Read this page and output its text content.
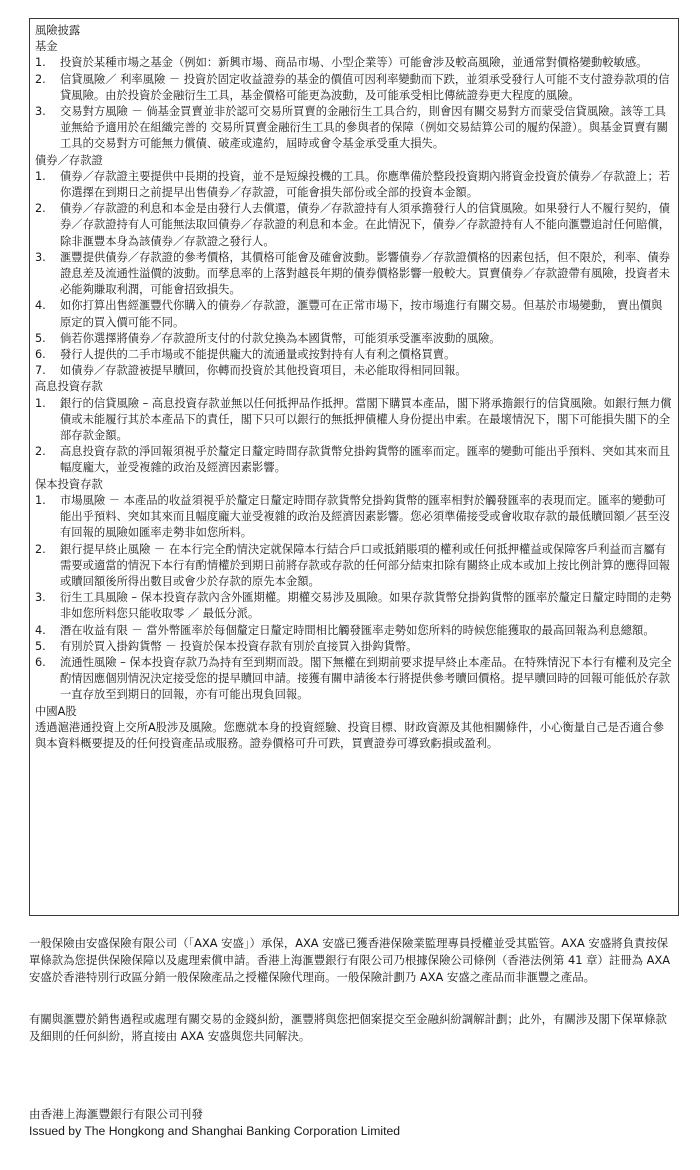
風險披露
基金
1. 投資於某種市場之基金（例如：新興市場、商品市場、小型企業等）可能會涉及較高風險，並通常對價格變動較敏感。
2. 信貸風險／ 利率風險 － 投資於固定收益證券的基金的價值可因利率變動而下跌，並須承受發行人可能不支付證券款項的信貸風險。由於投資於金融衍生工具，基金價格可能更為波動，及可能承受相比傳統證券更大程度的風險。
3. 交易對方風險 － 倘基金買賣並非於認可交易所買賣的金融衍生工具合約，則會因有關交易對方而蒙受信貸風險。該等工具並無給予適用於在組織完善的 交易所買賣金融衍生工具的參與者的保障（例如交易結算公司的履約保證）。與基金買賣有關工具的交易對方可能無力償債、破產或違約，屆時或會令基金承受重大損失。
債券／存款證
1. 債券／存款證主要提供中長期的投資，並不是短線投機的工具。你應準備於整段投資期內將資金投資於債券／存款證上；若你選擇在到期日之前提早出售債券／存款證，可能會損失部份或全部的投資本金額。
2. 債券／存款證的利息和本金是由發行人去償還，債券／存款證持有人須承擔發行人的信貸風險。如果發行人不履行契約，債券／存款證持有人可能無法取回債券／存款證的利息和本金。在此情況下，債券／存款證持有人不能向滙豐追討任何賠償，除非滙豐本身為該債券／存款證之發行人。
3. 滙豐提供債券／存款證的參考價格，其價格可能會及確會波動。影響債券／存款證價格的因素包括，但不限於，利率、債券證息差及流通性溢價的波動。而孳息率的上落對越長年期的債券價格影響一般較大。買賣債券／存款證帶有風險，投資者未必能夠賺取利潤，可能會招致損失。
4. 如你打算出售經滙豐代你購入的債券／存款證，滙豐可在正常市場下，按市場進行有關交易。但基於市場變動， 賣出價與原定的買入價可能不同。
5. 倘若你選擇將債券／存款證所支付的付款兌換為本國貨幣，可能須承受滙率波動的風險。
6. 發行人提供的二手市場或不能提供龐大的流通量或按對持有人有利之價格買賣。
7. 如債券／存款證被提早贖回，你轉而投資於其他投資項目，未必能取得相同回報。
高息投資存款
1. 銀行的信貸風險 – 高息投資存款並無以任何抵押品作抵押。當閣下購買本產品，閣下將承擔銀行的信貸風險。如銀行無力償債或未能履行其於本產品下的責任，閣下只可以銀行的無抵押債權人身份提出申索。在最壞情況下，閣下可能損失閣下的全部存款金額。
2. 高息投資存款的淨回報須視乎於釐定日釐定時間存款貨幣兌掛鈎貨幣的匯率而定。匯率的變動可能出乎預料、突如其來而且幅度龐大，並受複雜的政治及經濟因素影響。
保本投資存款
1. 市場風險 － 本產品的收益須視乎於釐定日釐定時間存款貨幣兌掛鈎貨幣的匯率相對於觸發匯率的表現而定。匯率的變動可能出乎預料、突如其來而且幅度龐大並受複雜的政治及經濟因素影響。您必須準備接受或會收取存款的最低贖回額／甚至沒有回報的風險如匯率走勢非如您所料。
2. 銀行提早終止風險 － 在本行完全酌情決定就保障本行結合戶口或抵銷賬項的權利或任何抵押權益或保障客戶利益而言屬有需要或適當的情況下本行有酌情權於到期日前將存款或存款的任何部分結束扣除有關終止成本或加上按比例計算的應得回報或贖回額後所得出數目或會少於存款的原先本金額。
3. 衍生工具風險 – 保本投資存款內含外匯期權。期權交易涉及風險。如果存款貨幣兌掛鈎貨幣的匯率於釐定日釐定時間的走勢非如您所料您只能收取零 ／ 最低分派。
4. 潛在收益有限 － 當外幣匯率於每個釐定日釐定時間相比觸發匯率走勢如您所料的時候您能獲取的最高回報為利息總額。
5. 有別於買入掛鈎貨幣 － 投資於保本投資存款有別於直接買入掛鈎貨幣。
6. 流通性風險 – 保本投資存款乃為持有至到期而設。閣下無權在到期前要求提早終止本產品。在特殊情況下本行有權利及完全酌情因應個別情況決定接受您的提早贖回申請。接獲有關申請後本行將提供參考贖回價格。提早贖回時的回報可能低於存款一直存放至到期日的回報，亦有可能出現負回報。
中國A股
透過滬港通投資上交所A股涉及風險。您應就本身的投資經驗、投資目標、財政資源及其他相關條件，小心衡量自己是否適合參與本資料概要提及的任何投資產品或服務。證券價格可升可跌，買賣證券可導致虧損或盈利。
一般保險由安盛保險有限公司（「AXA 安盛」）承保，AXA 安盛已獲香港保險業監理專員授權並受其監管。AXA 安盛將負責按保單條款為您提供保險保障以及處理索償申請。香港上海滙豐銀行有限公司乃根據保險公司條例（香港法例第 41 章）註冊為 AXA 安盛於香港特別行政區分銷一般保險產品之授權保險代理商。一般保險計劃乃 AXA 安盛之產品而非滙豐之產品。
有關與滙豐於銷售過程或處理有關交易的金錢糾紛，滙豐將與您把個案提交至金融糾紛調解計劃；此外，有關涉及閣下保單條款及細則的任何糾紛，將直接由 AXA 安盛與您共同解決。
由香港上海滙豐銀行有限公司刊發
Issued by The Hongkong and Shanghai Banking Corporation Limited
